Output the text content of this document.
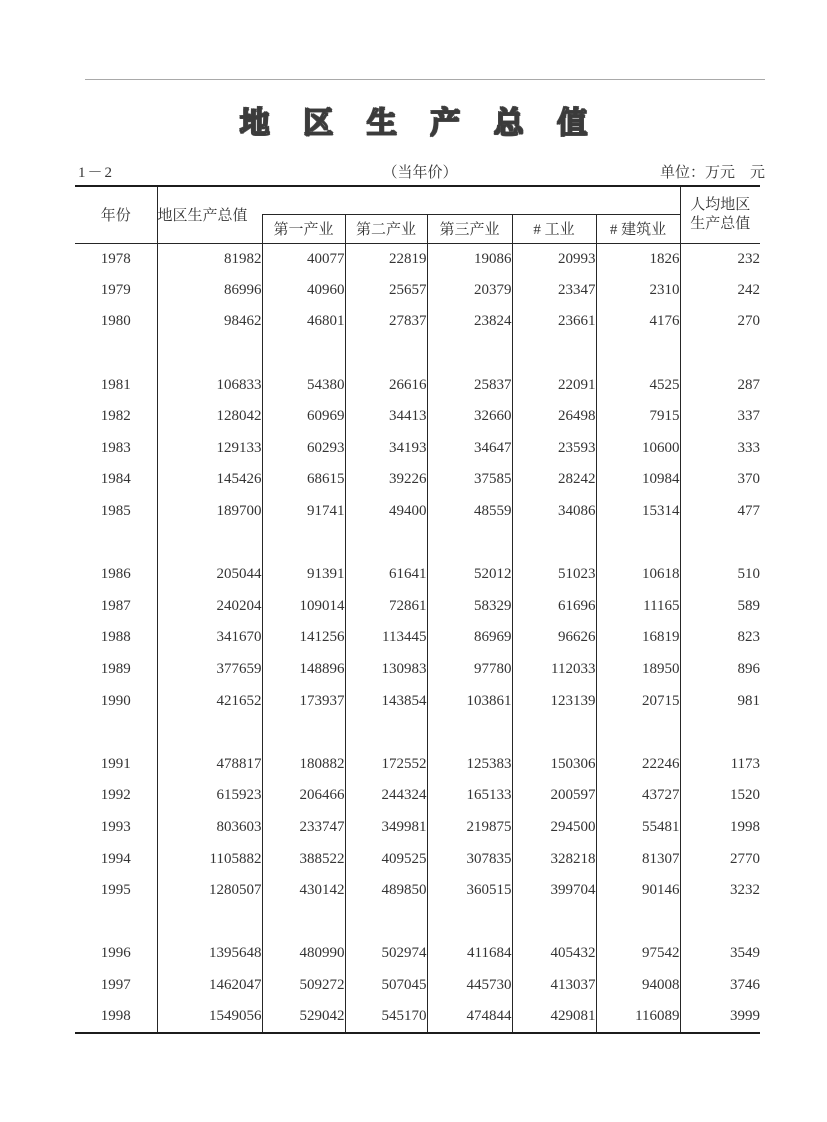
地 区 生 产 总 值
1－2	（当年价）	单位：万元　元
年份	地区生产总值						人均地区
生产总值
		第一产业	第二产业	第三产业	# 工业	# 建筑业	
1978	81982	40077	22819	19086	20993	1826	232
1979	86996	40960	25657	20379	23347	2310	242
1980	98462	46801	27837	23824	23661	4176	270

1981	106833	54380	26616	25837	22091	4525	287
1982	128042	60969	34413	32660	26498	7915	337
1983	129133	60293	34193	34647	23593	10600	333
1984	145426	68615	39226	37585	28242	10984	370
1985	189700	91741	49400	48559	34086	15314	477

1986	205044	91391	61641	52012	51023	10618	510
1987	240204	109014	72861	58329	61696	11165	589
1988	341670	141256	113445	86969	96626	16819	823
1989	377659	148896	130983	97780	112033	18950	896
1990	421652	173937	143854	103861	123139	20715	981

1991	478817	180882	172552	125383	150306	22246	1173
1992	615923	206466	244324	165133	200597	43727	1520
1993	803603	233747	349981	219875	294500	55481	1998
1994	1105882	388522	409525	307835	328218	81307	2770
1995	1280507	430142	489850	360515	399704	90146	3232

1996	1395648	480990	502974	411684	405432	97542	3549
1997	1462047	509272	507045	445730	413037	94008	3746
1998	1549056	529042	545170	474844	429081	116089	3999
